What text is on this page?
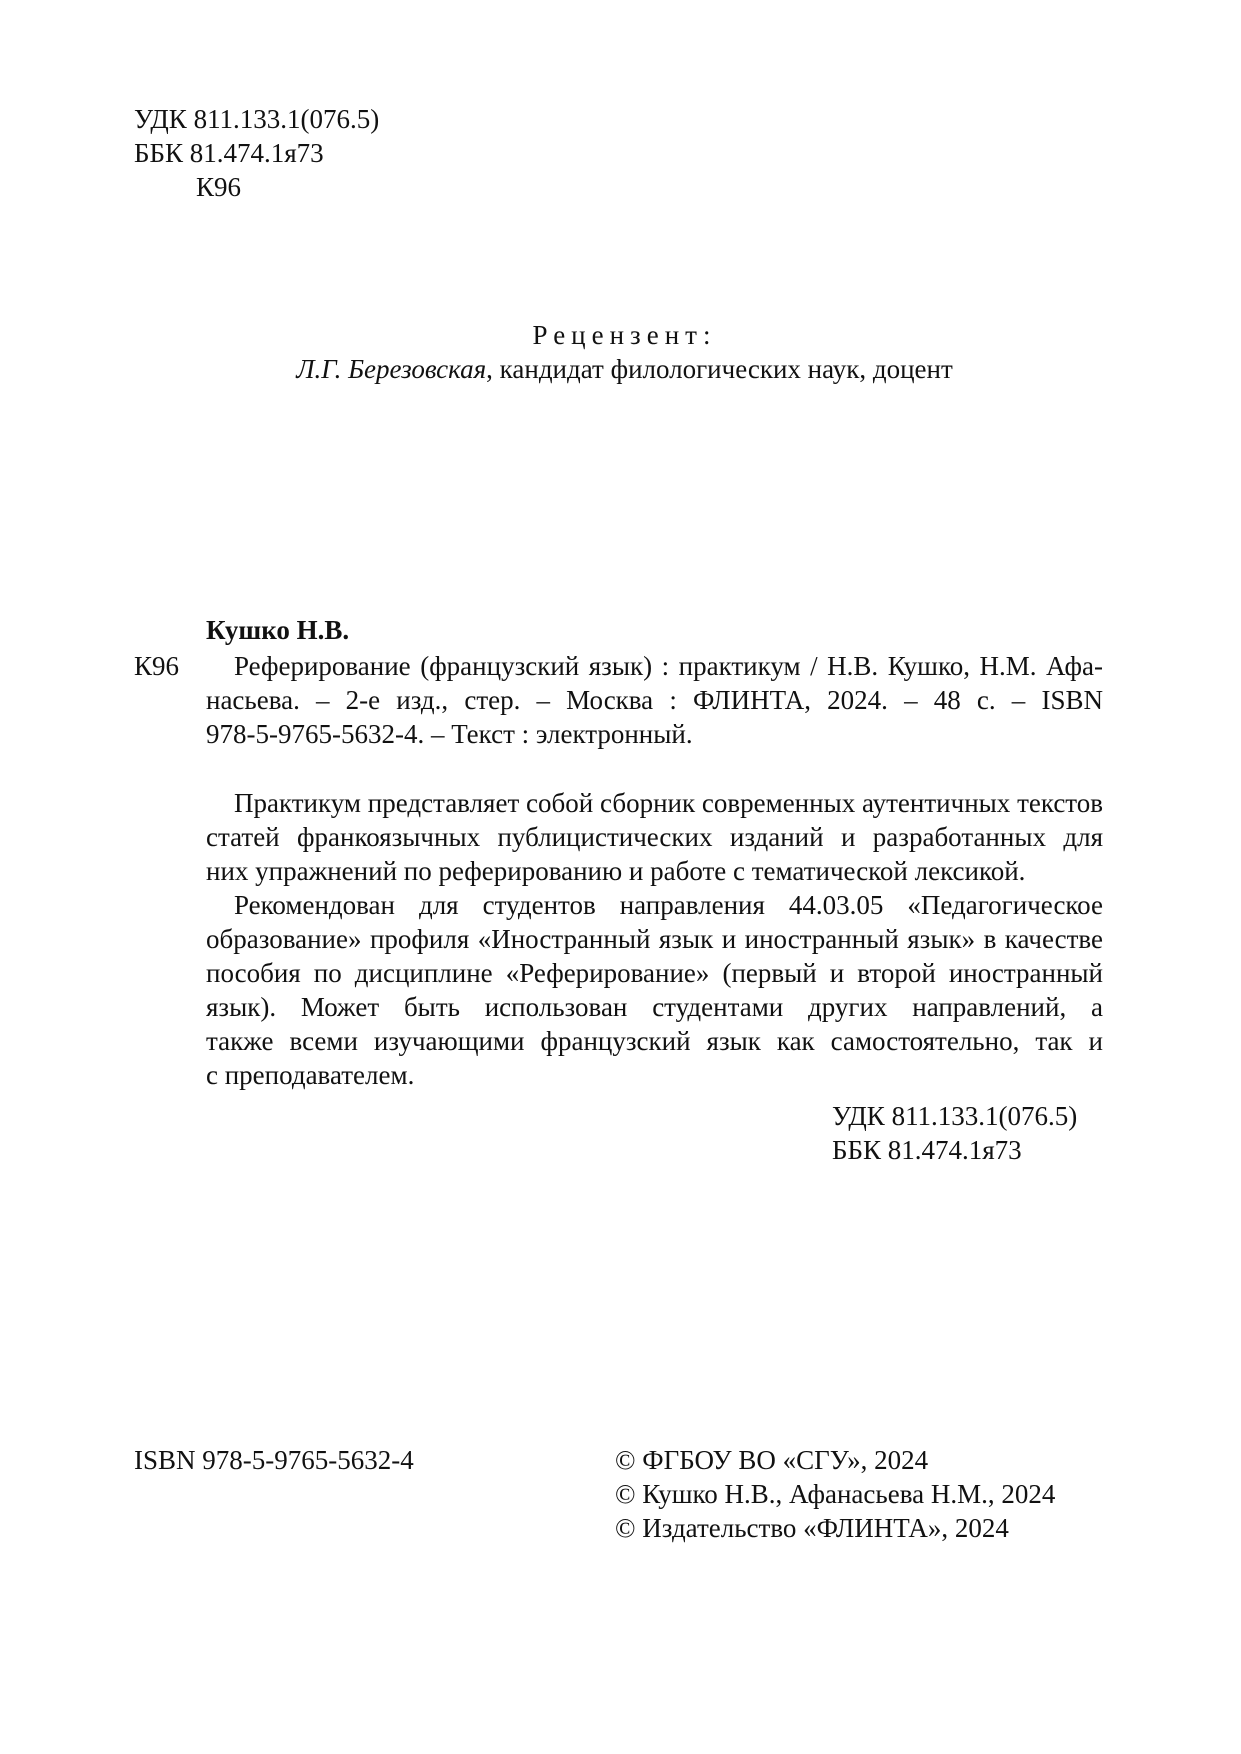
УДК 811.133.1(076.5)
ББК 81.474.1я73
К96
Рецензент:
Л.Г. Березовская, кандидат филологических наук, доцент
Кушко Н.В.
К96	Реферирование (французский язык) : практикум / Н.В. Кушко, Н.М. Афа-
насьева. – 2-е изд., стер. – Москва : ФЛИНТА, 2024. – 48 с. – ISBN
978-5-9765-5632-4. – Текст : электронный.
Практикум представляет собой сборник современных аутентичных текстов
статей франкоязычных публицистических изданий и разработанных для
них упражнений по реферированию и работе с тематической лексикой.
Рекомендован для студентов направления 44.03.05 «Педагогическое
образование» профиля «Иностранный язык и иностранный язык» в качестве
пособия по дисциплине «Реферирование» (первый и второй иностранный
язык). Может быть использован студентами других направлений, а
также всеми изучающими французский язык как самостоятельно, так и
с преподавателем.
УДК 811.133.1(076.5)
ББК 81.474.1я73
ISBN 978-5-9765-5632-4	© ФГБОУ ВО «СГУ», 2024
© Кушко Н.В., Афанасьева Н.М., 2024
© Издательство «ФЛИНТА», 2024
